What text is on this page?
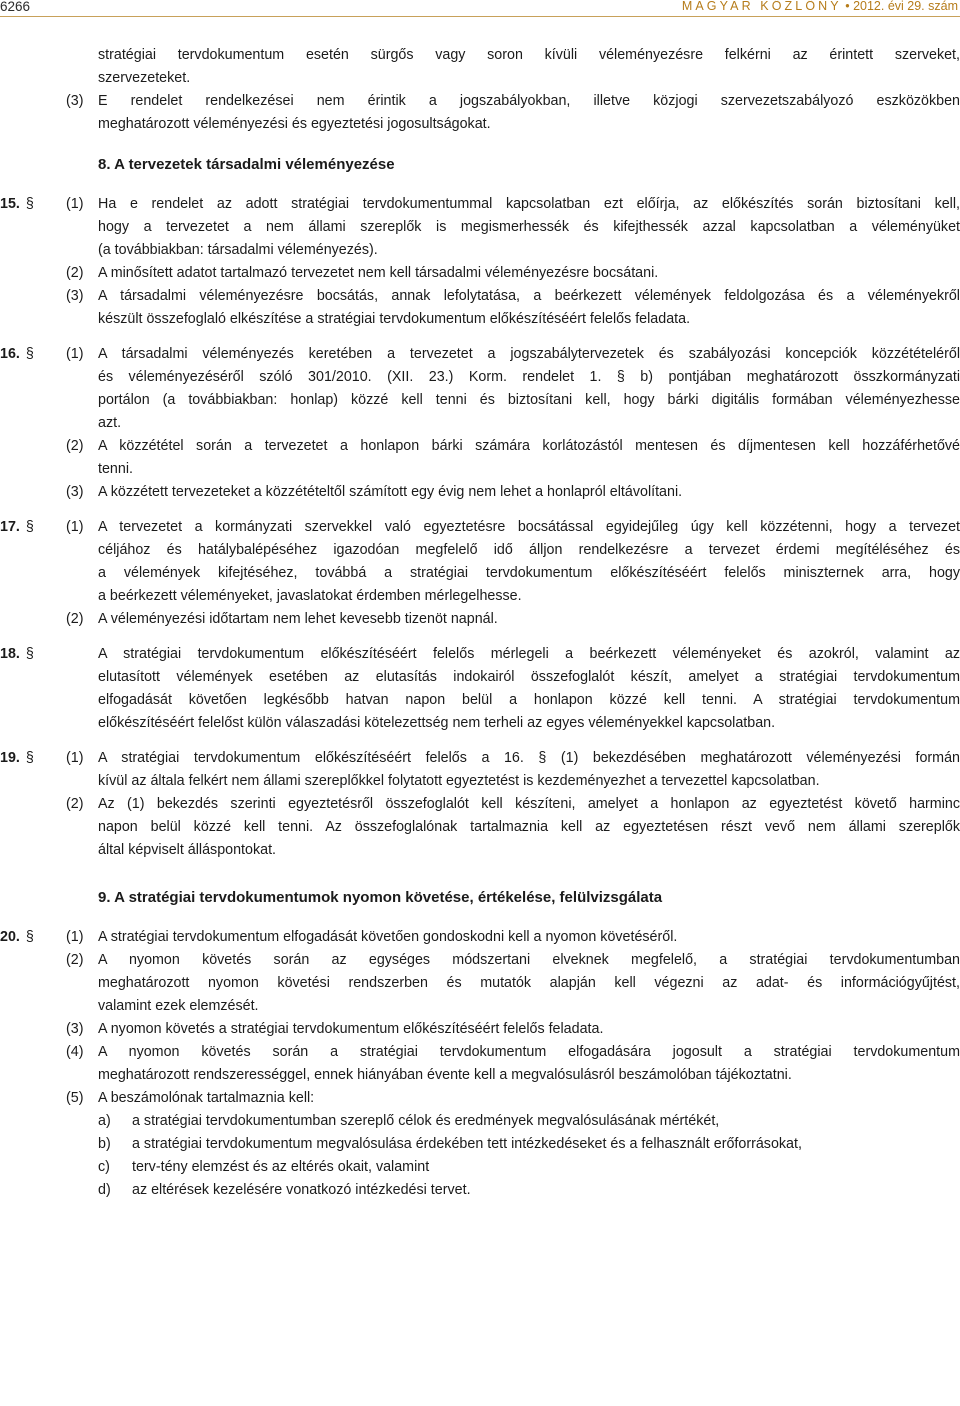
6266	MAGYAR KÖZLÖNY • 2012. évi 29. szám
stratégiai tervdokumentum esetén sürgős vagy soron kívüli véleményezésre felkérni az érintett szerveket,
szervezeteket.
(3) E rendelet rendelkezései nem érintik a jogszabályokban, illetve közjogi szervezetszabályozó eszközökben
meghatározott véleményezési és egyeztetési jogosultságokat.
8. A tervezetek társadalmi véleményezése
15. § (1) Ha e rendelet az adott stratégiai tervdokumentummal kapcsolatban ezt előírja, az előkészítés során biztosítani kell,
hogy a tervezetet a nem állami szereplők is megismerhessék és kifejthessék azzal kapcsolatban a véleményüket
(a továbbiakban: társadalmi véleményezés).
(2) A minősített adatot tartalmazó tervezetet nem kell társadalmi véleményezésre bocsátani.
(3) A társadalmi véleményezésre bocsátás, annak lefolytatása, a beérkezett vélemények feldolgozása és a véleményekről
készült összefoglaló elkészítése a stratégiai tervdokumentum előkészítéséért felelős feladata.
16. § (1) A társadalmi véleményezés keretében a tervezetet a jogszabálytervezetek és szabályozási koncepciók közzétételéről
és véleményezéséről szóló 301/2010. (XII. 23.) Korm. rendelet 1. § b) pontjában meghatározott összkormányzati
portálon (a továbbiakban: honlap) közzé kell tenni és biztosítani kell, hogy bárki digitális formában véleményezhesse
azt.
(2) A közzététel során a tervezetet a honlapon bárki számára korlátozástól mentesen és díjmentesen kell hozzáférhetővé
tenni.
(3) A közzétett tervezeteket a közzétételtől számított egy évig nem lehet a honlapról eltávolítani.
17. § (1) A tervezetet a kormányzati szervekkel való egyeztetésre bocsátással egyidejűleg úgy kell közzétenni, hogy a tervezet
céljához és hatálybalépéséhez igazodóan megfelelő idő álljon rendelkezésre a tervezet érdemi megítéléséhez és
a vélemények kifejtéséhez, továbbá a stratégiai tervdokumentum előkészítéséért felelős miniszternek arra, hogy
a beérkezett véleményeket, javaslatokat érdemben mérlegelhesse.
(2) A véleményezési időtartam nem lehet kevesebb tizenöt napnál.
18. §	A stratégiai tervdokumentum előkészítéséért felelős mérlegeli a beérkezett véleményeket és azokról, valamint az
elutasított vélemények esetében az elutasítás indokairól összefoglalót készít, amelyet a stratégiai tervdokumentum
elfogadását követően legkésőbb hatvan napon belül a honlapon közzé kell tenni. A stratégiai tervdokumentum
előkészítéséért felelőst külön válaszadási kötelezettség nem terheli az egyes véleményekkel kapcsolatban.
19. § (1) A stratégiai tervdokumentum előkészítéséért felelős a 16. § (1) bekezdésében meghatározott véleményezési formán
kívül az általa felkért nem állami szereplőkkel folytatott egyeztetést is kezdeményezhet a tervezettel kapcsolatban.
(2) Az (1) bekezdés szerinti egyeztetésről összefoglalót kell készíteni, amelyet a honlapon az egyeztetést követő harminc
napon belül közzé kell tenni. Az összefoglalónak tartalmaznia kell az egyeztetésen részt vevő nem állami szereplők
által képviselt álláspontokat.
9. A stratégiai tervdokumentumok nyomon követése, értékelése, felülvizsgálata
20. § (1) A stratégiai tervdokumentum elfogadását követően gondoskodni kell a nyomon követéséről.
(2) A nyomon követés során az egységes módszertani elveknek megfelelő, a stratégiai tervdokumentumban
meghatározott nyomon követési rendszerben és mutatók alapján kell végezni az adat- és információgyűjtést,
valamint ezek elemzését.
(3) A nyomon követés a stratégiai tervdokumentum előkészítéséért felelős feladata.
(4) A nyomon követés során a stratégiai tervdokumentum elfogadására jogosult a stratégiai tervdokumentum
meghatározott rendszerességgel, ennek hiányában évente kell a megvalósulásról beszámolóban tájékoztatni.
(5) A beszámolónak tartalmaznia kell:
a) a stratégiai tervdokumentumban szereplő célok és eredmények megvalósulásának mértékét,
b) a stratégiai tervdokumentum megvalósulása érdekében tett intézkedéseket és a felhasznált erőforrásokat,
c) terv-tény elemzést és az eltérés okait, valamint
d) az eltérések kezelésére vonatkozó intézkedési tervet.
